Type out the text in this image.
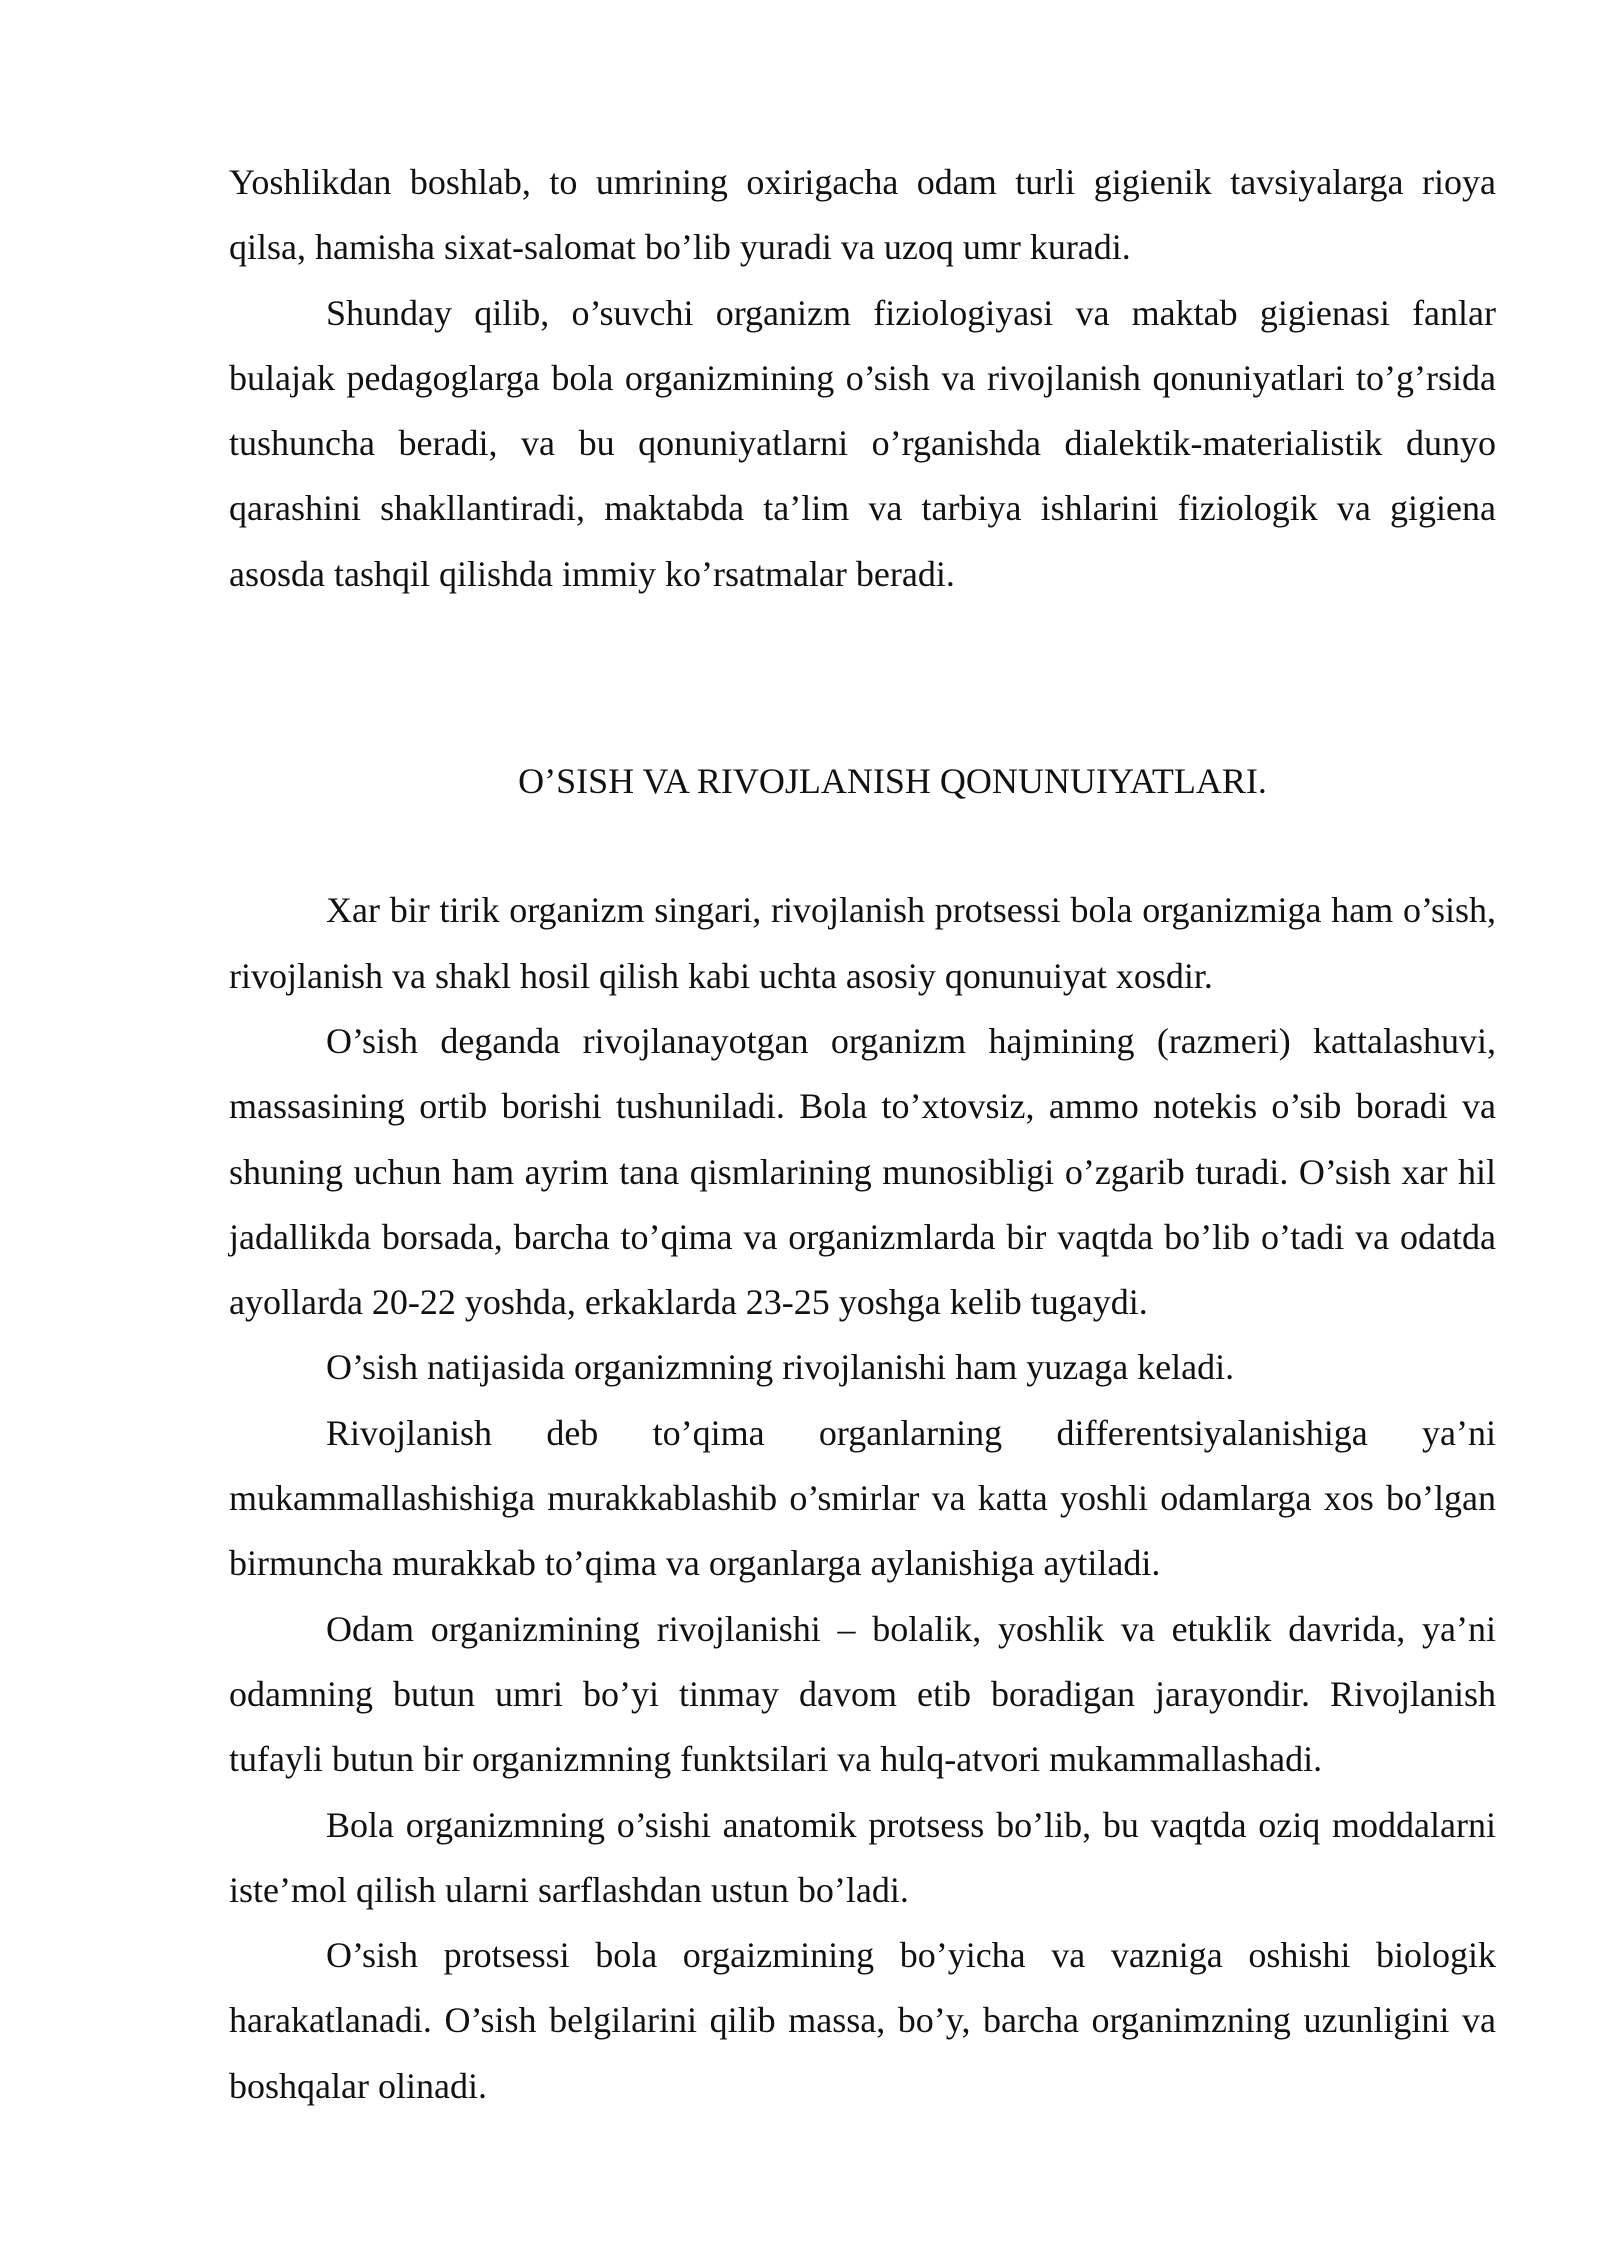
Yoshlikdan boshlab, to umrining oxirigacha odam turli gigienik tavsiyalarga rioya qilsa, hamisha sixat-salomat bo’lib yuradi va uzoq umr kuradi.

Shunday qilib, o’suvchi organizm fiziologiyasi va maktab gigienasi fanlar bulajak pedagoglarga bola organizmining o’sish va rivojlanish qonuniyatlari to’g’rsida tushuncha beradi, va bu qonuniyatlarni o’rganishda dialektik-materialistik dunyo qarashini shakllantiradi, maktabda ta’lim va tarbiya ishlarini fiziologik va gigiena asosda tashqil qilishda immiy ko’rsatmalar beradi.

O’SISH VA RIVOJLANISH QONUNUIYATLARI.

Xar bir tirik organizm singari, rivojlanish protsessi bola organizmiga ham o’sish, rivojlanish va shakl hosil qilish kabi uchta asosiy qonunuiyat xosdir.

O’sish deganda rivojlanayotgan organizm hajmining (razmeri) kattalashuvi, massasining ortib borishi tushuniladi. Bola to’xtovsiz, ammo notekis o’sib boradi va shuning uchun ham ayrim tana qismlarining munosibligi o’zgarib turadi. O’sish xar hil jadallikda borsada, barcha to’qima va organizmlarda bir vaqtda bo’lib o’tadi va odatda ayollarda 20-22 yoshda, erkaklarda 23-25 yoshga kelib tugaydi.

O’sish natijasida organizmning rivojlanishi ham yuzaga keladi.

Rivojlanish deb to’qima organlarning differentsiyalanishiga ya’ni mukammallashishiga murakkablashib o’smirlar va katta yoshli odamlarga xos bo’lgan birmuncha murakkab to’qima va organlarga aylanishiga aytiladi.

Odam organizmining rivojlanishi – bolalik, yoshlik va etuklik davrida, ya’ni odamning butun umri bo’yi tinmay davom etib boradigan jarayondir. Rivojlanish tufayli butun bir organizmning funktsilari va hulq-atvori mukammallashadi.

Bola organizmning o’sishi anatomik protsess bo’lib, bu vaqtda oziq moddalarni iste’mol qilish ularni sarflashdan ustun bo’ladi.

O’sish protsessi bola orgaizmining bo’yicha va vazniga oshishi biologik harakatlanadi. O’sish belgilarini qilib massa, bo’y, barcha organimzning uzunligini va boshqalar olinadi.
